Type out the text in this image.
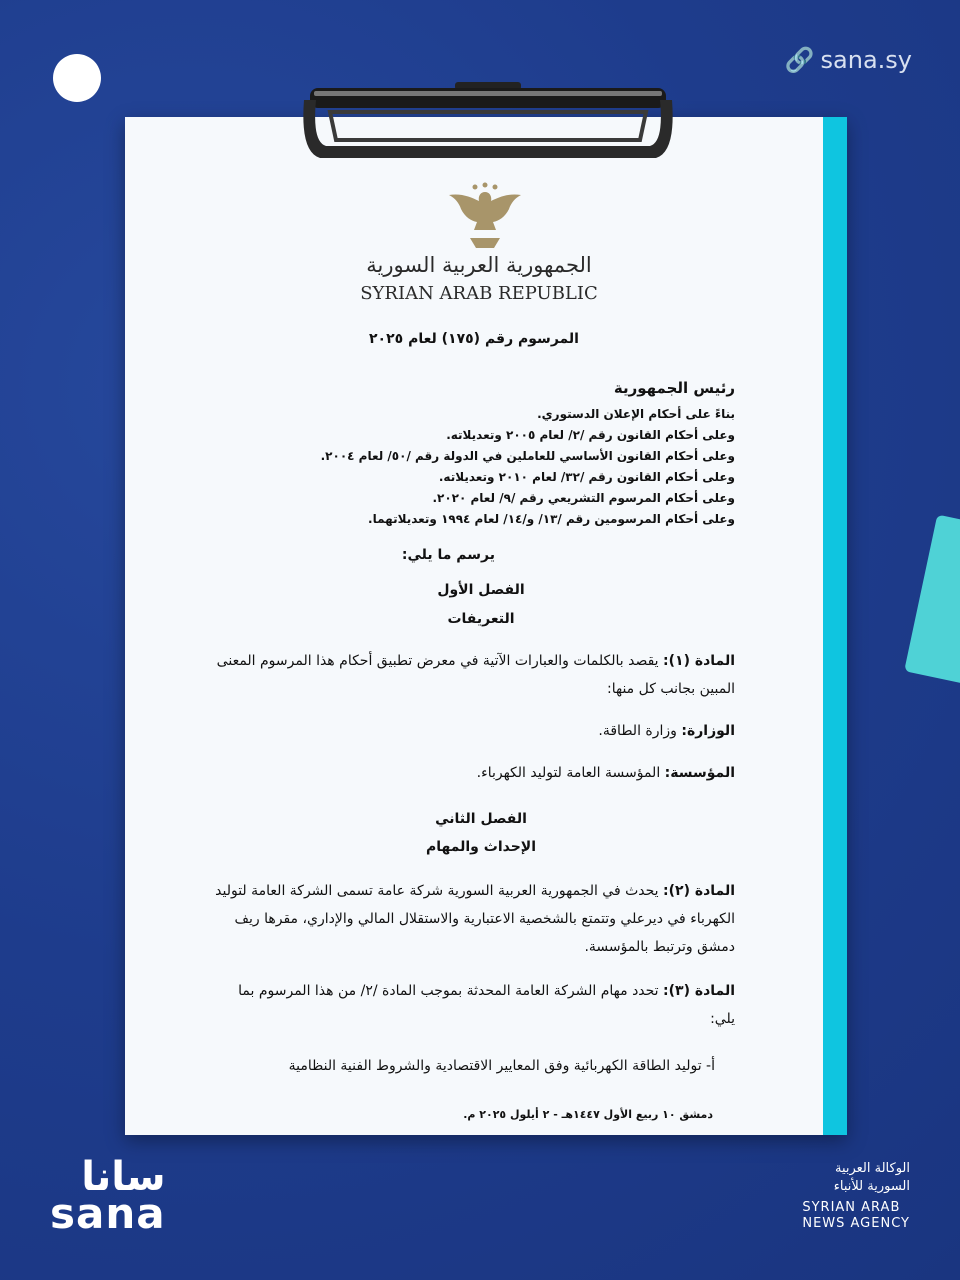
🔗 sana.sy
الجمهورية العربية السورية
SYRIAN ARAB REPUBLIC
المرسوم رقم (١٧٥) لعام ٢٠٢٥
رئيس الجمهورية
بناءً على أحكام الإعلان الدستوري.
وعلى أحكام القانون رقم /٢/ لعام ٢٠٠٥ وتعديلاته.
وعلى أحكام القانون الأساسي للعاملين في الدولة رقم /٥٠/ لعام ٢٠٠٤.
وعلى أحكام القانون رقم /٣٢/ لعام ٢٠١٠ وتعديلاته.
وعلى أحكام المرسوم التشريعي رقم /٩/ لعام ٢٠٢٠.
وعلى أحكام المرسومين رقم /١٣/ و/١٤/ لعام ١٩٩٤ وتعديلاتهما.
يرسم ما يلي:
الفصل الأول
التعريفات
المادة (١): يقصد بالكلمات والعبارات الآتية في معرض تطبيق أحكام هذا المرسوم المعنى المبين بجانب كل منها:
الوزارة: وزارة الطاقة.
المؤسسة: المؤسسة العامة لتوليد الكهرباء.
الفصل الثاني
الإحداث والمهام
المادة (٢): يحدث في الجمهورية العربية السورية شركة عامة تسمى الشركة العامة لتوليد الكهرباء في ديرعلي وتتمتع بالشخصية الاعتبارية والاستقلال المالي والإداري، مقرها ريف دمشق وترتبط بالمؤسسة.
المادة (٣): تحدد مهام الشركة العامة المحدثة بموجب المادة /٢/ من هذا المرسوم بما يلي:
أ- توليد الطاقة الكهربائية وفق المعايير الاقتصادية والشروط الفنية النظامية
دمشق ١٠ ربيع الأول ١٤٤٧هـ - ٢ أيلول ٢٠٢٥ م.
سانا
sana
الوكالة العربية
السورية للأنباء
SYRIAN ARAB
NEWS AGENCY
